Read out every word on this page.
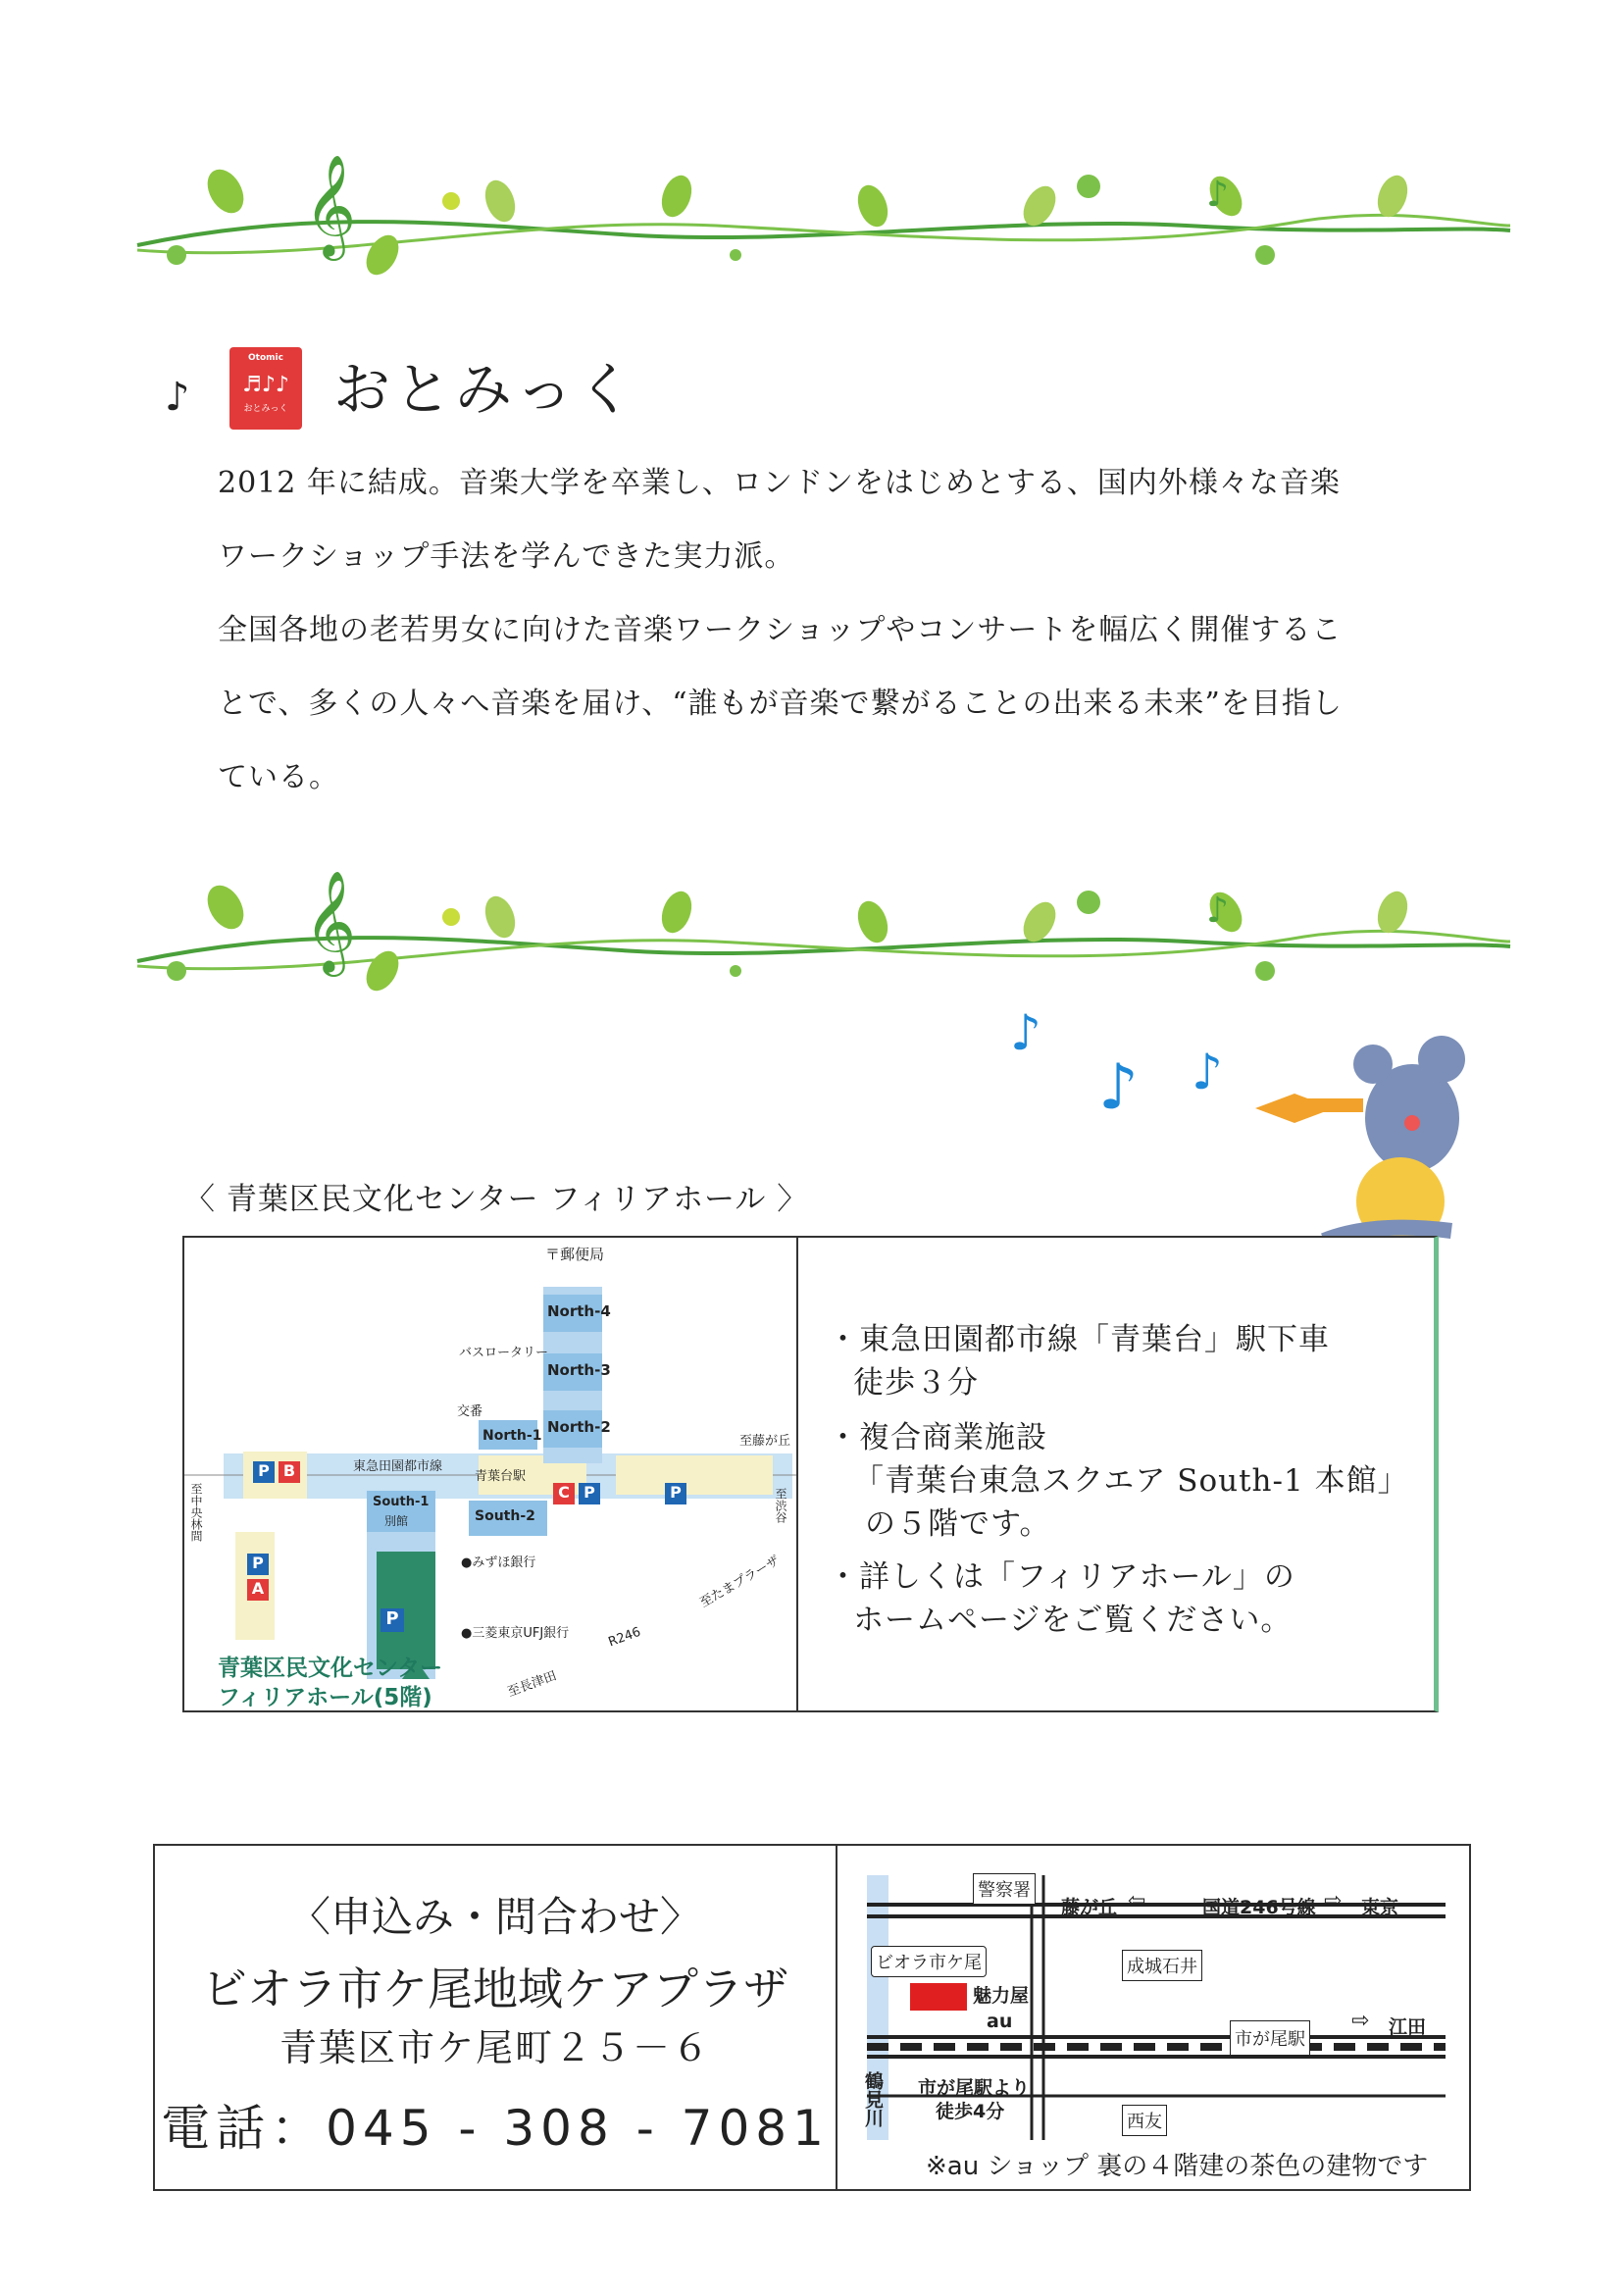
𝄞	♪
♪
Otomic
♬♪♪
おとみっく おとみっく
2012 年に結成。音楽大学を卒業し、ロンドンをはじめとする、国内外様々な音楽
ワークショップ手法を学んできた実力派。
全国各地の老若男女に向けた音楽ワークショップやコンサートを幅広く開催するこ
とで、多くの人々へ音楽を届け、“誰もが音楽で繋がることの出来る未来”を目指し
ている。
𝄞	♪
♪
♪ ♪
〈 青葉区民文化センター フィリアホール 〉
〒郵便局
North-4
North-3
North-2
North-1
バスロータリー
交番
東急田園都市線
青葉台駅
至藤が丘
至渋谷
至中央林間	South-1
別館	South-2
●みずほ銀行
●三菱東京UFJ銀行
至たまプラーザ
R246
至長津田
青葉区民文化センター
フィリアホール(5階)
P B
P
A
C P	P
P
・東急田園都市線「青葉台」駅下車
徒歩３分
・複合商業施設
「青葉台東急スクエア South-1 本館」
の５階です。
・詳しくは「フィリアホール」の
ホームページをご覧ください。
〈申込み・問合わせ〉
ビオラ市ケ尾地域ケアプラザ
青葉区市ケ尾町２５－６
電話：045 - 308 - 7081
警察署
藤が丘 ⇦	国道246号線 ⇨ 東京
ビオラ市ケ尾	成城石井
魅力屋
au
市が尾駅
⇨ 江田
鶴見川 市が尾駅より
徒歩4分	西友
※au ショップ 裏の４階建の茶色の建物です
